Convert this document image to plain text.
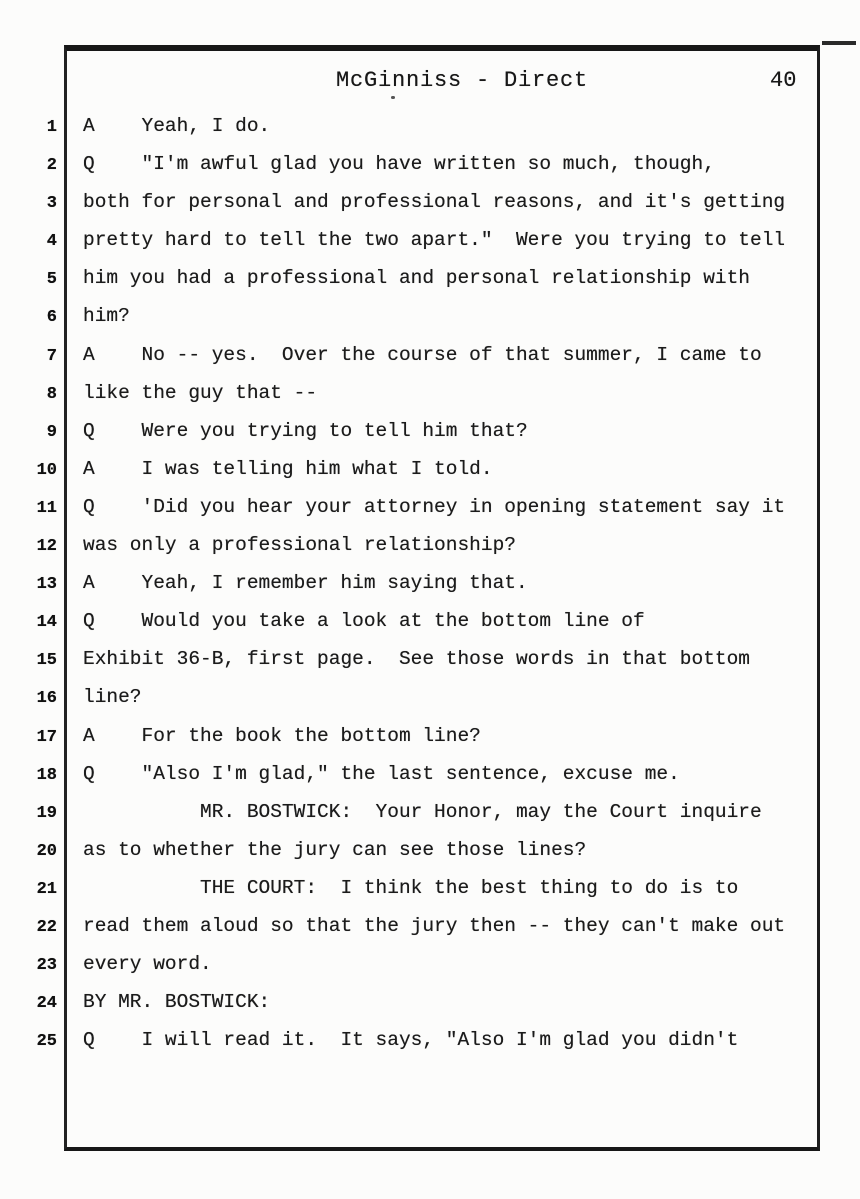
McGinniss - Direct	40
1 A    Yeah, I do.
2 Q    "I'm awful glad you have written so much, though,
3 both for personal and professional reasons, and it's getting
4 pretty hard to tell the two apart."  Were you trying to tell
5 him you had a professional and personal relationship with
6 him?
7 A    No -- yes.  Over the course of that summer, I came to
8 like the guy that --
9 Q    Were you trying to tell him that?
10 A    I was telling him what I told.
11 Q    'Did you hear your attorney in opening statement say it
12 was only a professional relationship?
13 A    Yeah, I remember him saying that.
14 Q    Would you take a look at the bottom line of
15 Exhibit 36-B, first page.  See those words in that bottom
16 line?
17 A    For the book the bottom line?
18 Q    "Also I'm glad," the last sentence, excuse me.
19 MR. BOSTWICK:  Your Honor, may the Court inquire
20 as to whether the jury can see those lines?
21 THE COURT:  I think the best thing to do is to
22 read them aloud so that the jury then -- they can't make out
23 every word.
24 BY MR. BOSTWICK:
25 Q    I will read it.  It says, "Also I'm glad you didn't
